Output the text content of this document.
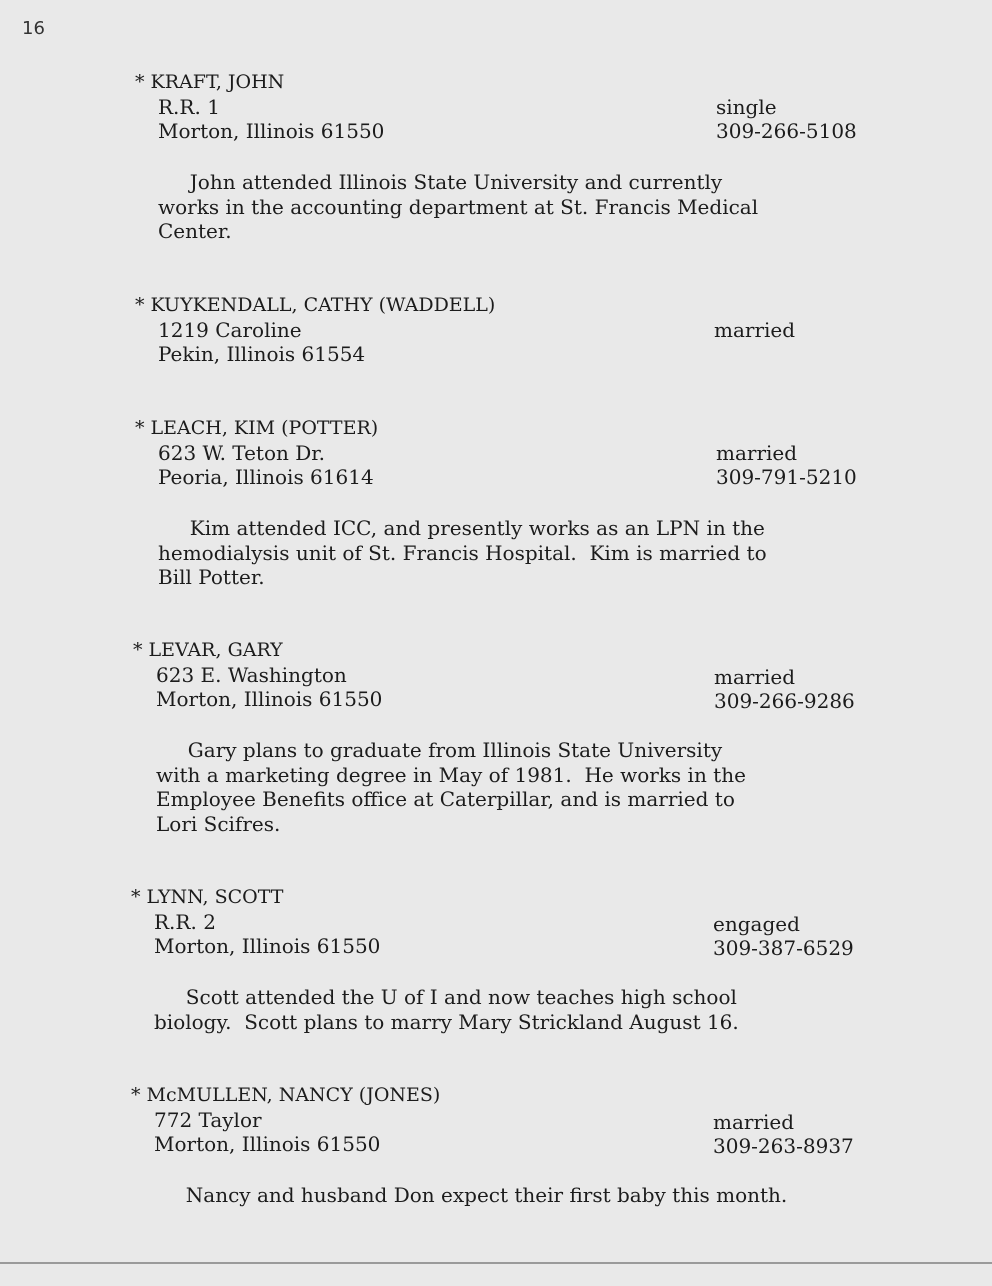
16
* KRAFT, JOHN
R.R. 1	single
Morton, Illinois 61550	309-266-5108
John attended Illinois State University and currently
works in the accounting department at St. Francis Medical
Center.
* KUYKENDALL, CATHY (WADDELL)
1219 Caroline	married
Pekin, Illinois 61554
* LEACH, KIM (POTTER)
623 W. Teton Dr.	married
Peoria, Illinois 61614	309-791-5210
Kim attended ICC, and presently works as an LPN in the
hemodialysis unit of St. Francis Hospital.  Kim is married to
Bill Potter.
* LEVAR, GARY
623 E. Washington	married
Morton, Illinois 61550	309-266-9286
Gary plans to graduate from Illinois State University
with a marketing degree in May of 1981.  He works in the
Employee Benefits office at Caterpillar, and is married to
Lori Scifres.
* LYNN, SCOTT
R.R. 2	engaged
Morton, Illinois 61550	309-387-6529
Scott attended the U of I and now teaches high school
biology.  Scott plans to marry Mary Strickland August 16.
* McMULLEN, NANCY (JONES)
772 Taylor	married
Morton, Illinois 61550	309-263-8937
Nancy and husband Don expect their first baby this month.
